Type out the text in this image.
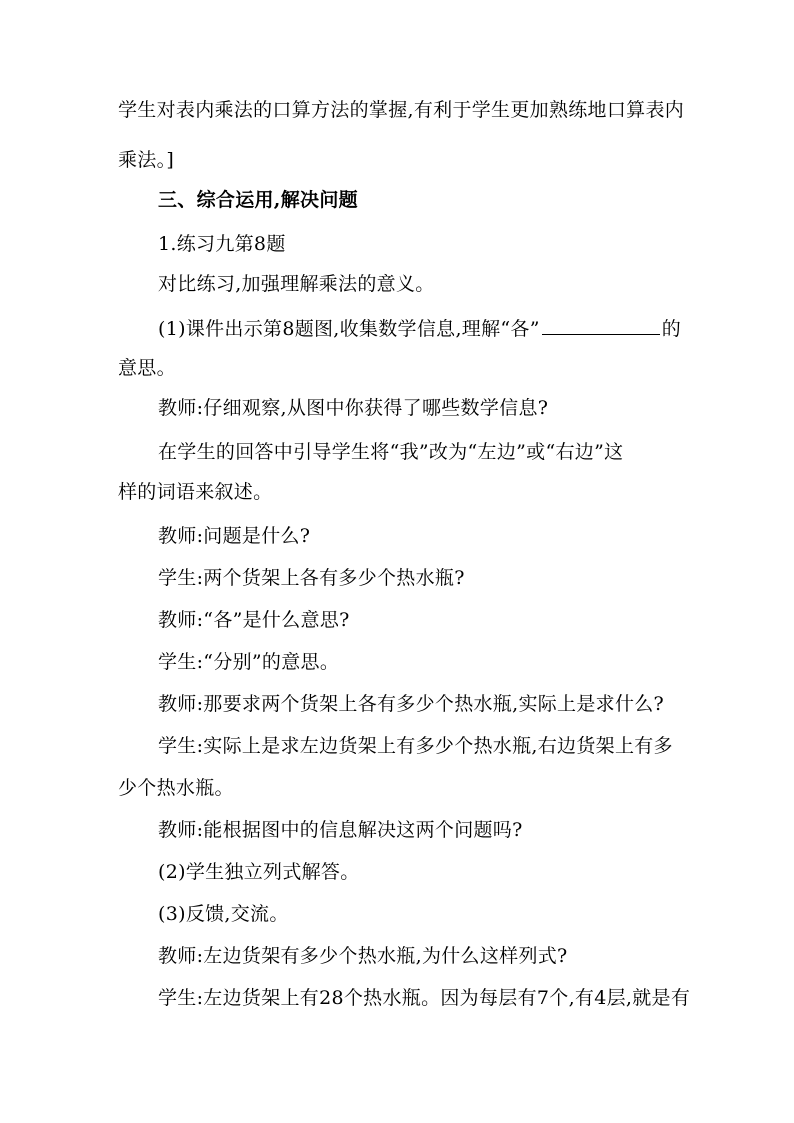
学生对表内乘法的口算方法的掌握,有利于学生更加熟练地口算表内
乘法。]
三、综合运用,解决问题
1.练习九第8题
对比练习,加强理解乘法的意义。
(1)课件出示第8题图,收集数学信息,理解“各”	的
意思。
教师:仔细观察,从图中你获得了哪些数学信息?
在学生的回答中引导学生将“我”改为“左边”或“右边”这
样的词语来叙述。
教师:问题是什么?
学生:两个货架上各有多少个热水瓶?
教师:“各”是什么意思?
学生:“分别”的意思。
教师:那要求两个货架上各有多少个热水瓶,实际上是求什么?
学生:实际上是求左边货架上有多少个热水瓶,右边货架上有多
少个热水瓶。
教师:能根据图中的信息解决这两个问题吗?
(2)学生独立列式解答。
(3)反馈,交流。
教师:左边货架有多少个热水瓶,为什么这样列式?
学生:左边货架上有28个热水瓶。因为每层有7个,有4层,就是有
